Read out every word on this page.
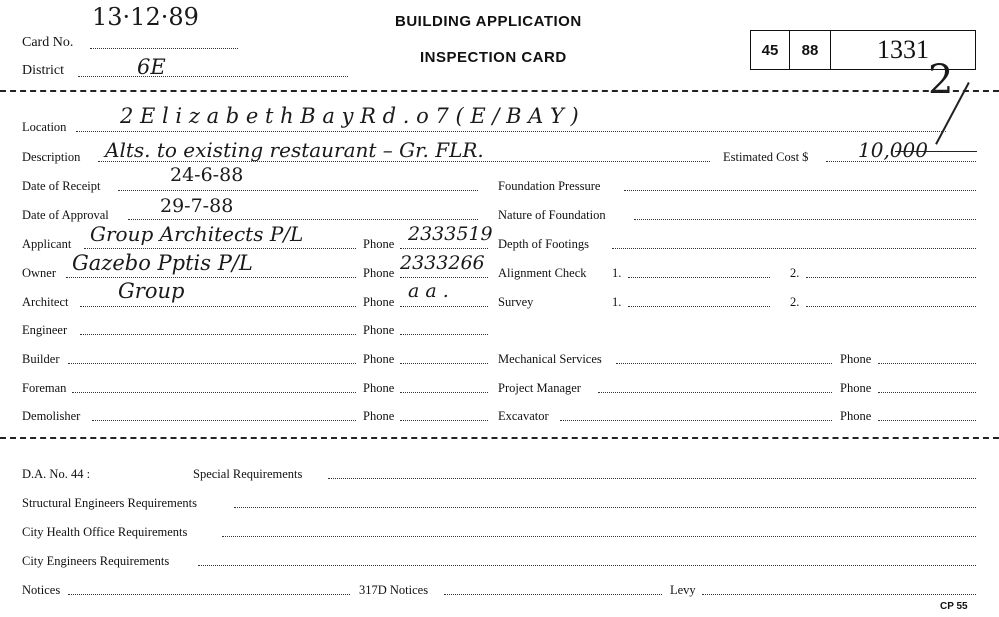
13·12·89
Card No.
District	6E
BUILDING APPLICATION
INSPECTION CARD	45 88 1331
2
Location	2 E l i z a b e t h B a y R d . o 7 ( E / B A Y )
Description Alts. to existing restaurant – Gr. FLR.	Estimated Cost $ 10,000
Date of Receipt	24-6-88	Foundation Pressure
Date of Approval	29-7-88	Nature of Foundation
Applicant Group Architects P/L	Phone 2333519 Depth of Footings
Owner Gazebo Pptis P/L	Phone 2333266 Alignment Check 1.	2.
Architect Group	Phone a a .	Survey	1.	2.
Engineer	Phone
Builder	Phone	Mechanical Services	Phone
Foreman	Phone	Project Manager	Phone
Demolisher	Phone	Excavator	Phone
D.A. No. 44 :	Special Requirements
Structural Engineers Requirements
City Health Office Requirements
City Engineers Requirements
Notices	317D Notices	Levy
CP 55
